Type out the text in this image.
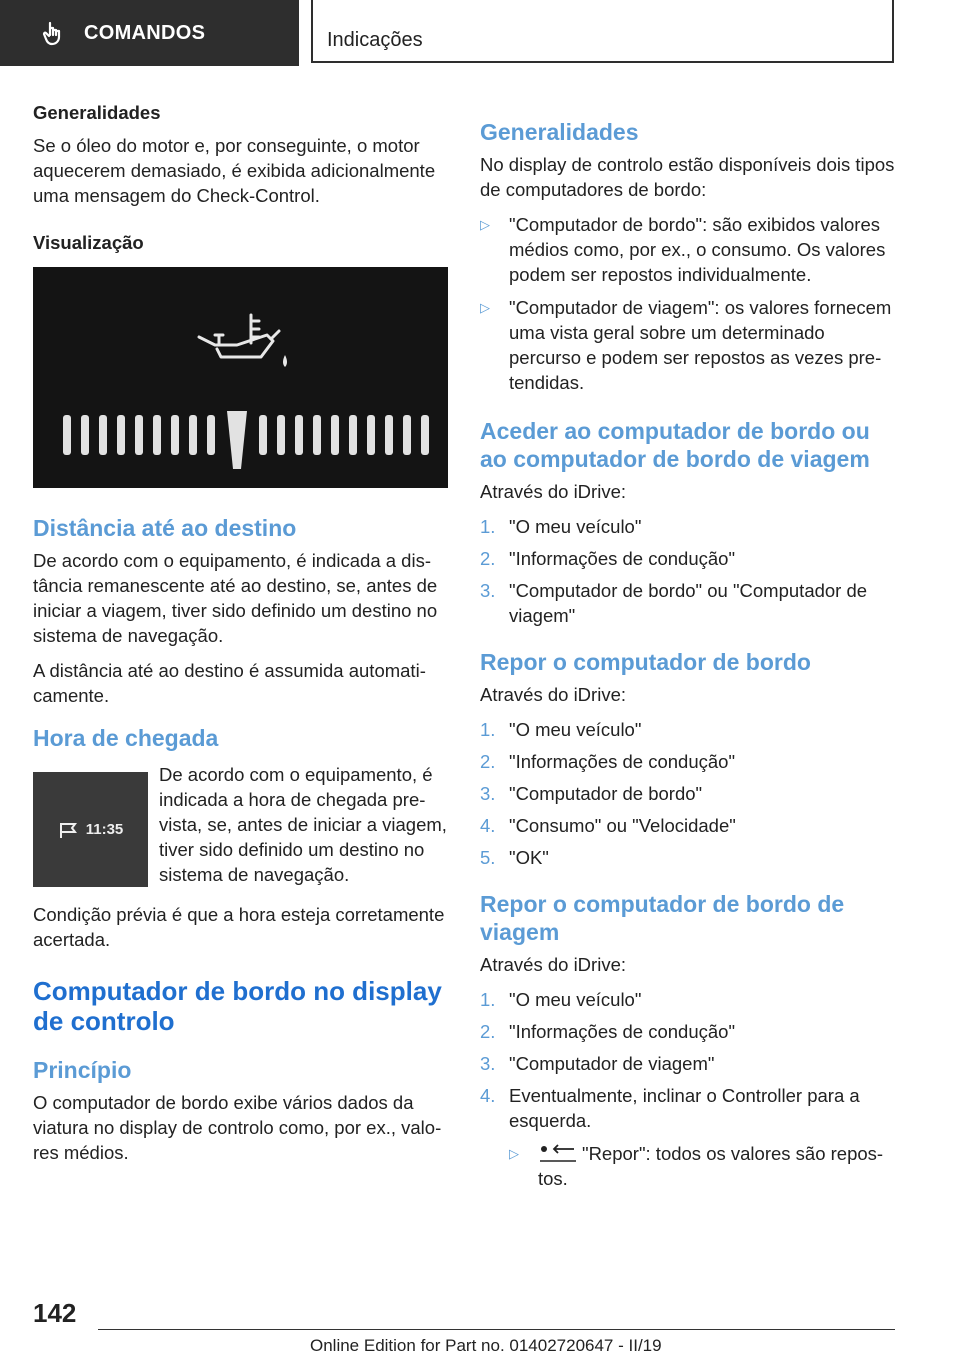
COMANDOS	Indicações
Generalidades

Se o óleo do motor e, por conseguinte, o motor aquecerem demasiado, é exibida adicionalmente uma mensagem do Check-Control.

Visualização
Distância até ao destino

De acordo com o equipamento, é indicada a distância remanescente até ao destino, se, antes de iniciar a viagem, tiver sido definido um destino no sistema de navegação.

A distância até ao destino é assumida automaticamente.

Hora de chegada
11:35

De acordo com o equipamento, é indicada a hora de chegada prevista, se, antes de iniciar a viagem, tiver sido definido um destino no sistema de navegação.

Condição prévia é que a hora esteja corretamente acertada.

Computador de bordo no display de controlo
Princípio

O computador de bordo exibe vários dados da viatura no display de controlo como, por ex., valores médios.

Generalidades

No display de controlo estão disponíveis dois tipos de computadores de bordo:

▷ "Computador de bordo": são exibidos valores médios como, por ex., o consumo. Os valores podem ser repostos individualmente.
▷ "Computador de viagem": os valores fornecem uma vista geral sobre um determinado percurso e podem ser repostos as vezes pretendidas.
Aceder ao computador de bordo ou ao computador de bordo de viagem

Através do iDrive:

1. "O meu veículo"
2. "Informações de condução"
3. "Computador de bordo" ou "Computador de viagem"
Repor o computador de bordo

Através do iDrive:

1. "O meu veículo"
2. "Informações de condução"
3. "Computador de bordo"
4. "Consumo" ou "Velocidade"
5. "OK"
Repor o computador de bordo de viagem

Através do iDrive:

1. "O meu veículo"
2. "Informações de condução"
3. "Computador de viagem"
4. Eventualmente, inclinar o Controller para a esquerda.
▷	"Repor": todos os valores são repostos.
142
Online Edition for Part no. 01402720647 - II/19
